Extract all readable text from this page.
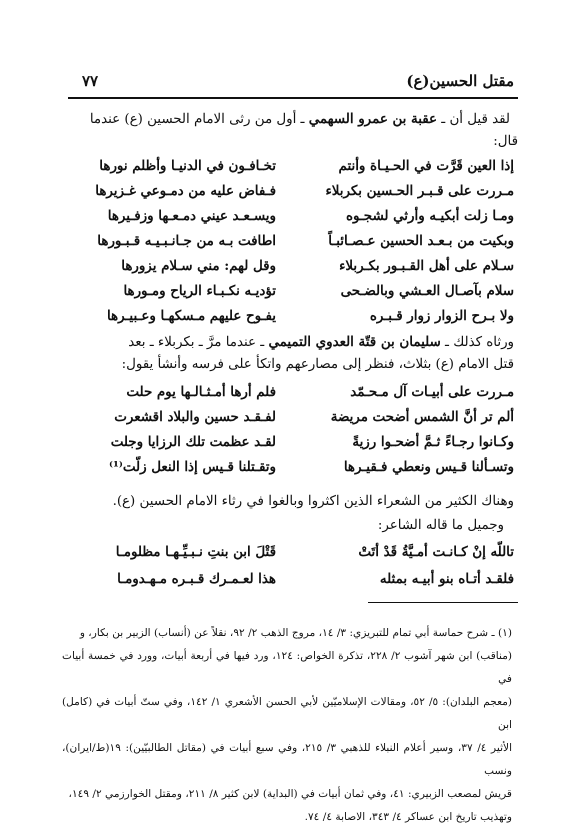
مقتل الحسين(ع)
٧٧
لقد قيل أن ـ عقبة بن عمرو السهمي ـ أول من رثى الامام الحسين (ع) عندما
قال:
إذا العين قَرَّت في الحـيـاة وأنتم
تخـافـون في الدنيـا وأظلم نورها
مـررت على قـبـر الحـسين بكربلاء
فـفاض عليه من دمـوعي غـزيرها
ومـا زلت أبكيـه وأرثي لشجـوه
ويسـعـد عيني دمـعـها وزفـيرها
وبكيت من بـعـد الحسين عـصـائبـاً
اطافت بـه من جـانـبـيـه قـبـورها
سـلام على أهل القـبـور بكـربلاء
وقل لهم: مني سـلام يزورها
سلام بآصـال العـشي وبالضـحى
تؤديـه نكـبـاء الرياح ومـورها
ولا بـرح الزوار زوار قـبـره
يفـوح عليهم مـسكهـا وعـبيـرها
ورثاه كذلك ـ سليمان بن قتّة العدوي التميمي ـ عندما مرَّ ـ بكربلاء ـ بعد
قتل الامام (ع) بثلاث، فنظر إلى مصارعهم واتكأ على فرسه وأنشأ يقول:
مـررت على أبيـات آل مـحـمّد
فلم أرها أمـثـالـها يوم حلت
ألم تر أنَّ الشمس أضحت مريضة
لفـقـد حسين والبلاد اقشعرت
وكـانوا رجـاءً ثـمَّ أضحـوا رزيةً
لقـد عظمت تلك الرزايا وجلت
وتسـألنا قـيس ونعطي فـقيـرها
وتقـتلنا قـيس إذا النعل زلّت⁽¹⁾
وهناك الكثير من الشعراء الذين اكثروا وبالغوا في رثاء الامام الحسين (ع).
وجميل ما قاله الشاعر:
تاللّه إنْ كـانـت أمـيَّةُ قَدْ أتَتْ
قَتْلَ ابن بنتِ نـبـيِّـهـا مظلومـا
فلقـد أتـاه بنو أبيـه بمثله
هذا لعـمـرك قـبـره مـهـدومـا
(١) ـ شرح حماسة أبي تمام للتبريزي: ٣/ ١٤، مروج الذهب ٢/ ٩٢، نقلاً عن (أنساب) الزبير بن بكار، و
(مناقب) ابن شهر آشوب ٢/ ٢٢٨، تذكرة الخواص: ١٢٤، ورد فيها في أربعة أبيات، وورد في خمسة أبيات في
(معجم البلدان): ٥/ ٥٢، ومقالات الإسلاميّين لأبي الحسن الأشعري ١/ ١٤٢، وفي ستّ أبيات في (كامل) ابن
الأثير ٤/ ٣٧، وسير أعلام النبلاء للذهبي ٣/ ٢١٥، وفي سبع أبيات في (مقاتل الطالبيّين): ١٩(ط/ايران)، ونسب
قريش لمصعب الزبيري: ٤١، وفي ثمان أبيات في (البداية) لابن كثير ٨/ ٢١١، ومقتل الخوارزمي ٢/ ١٤٩،
وتهذيب تاريخ ابن عساكر ٤/ ٣٤٣، الاصابة ٤/ ٧٤.
